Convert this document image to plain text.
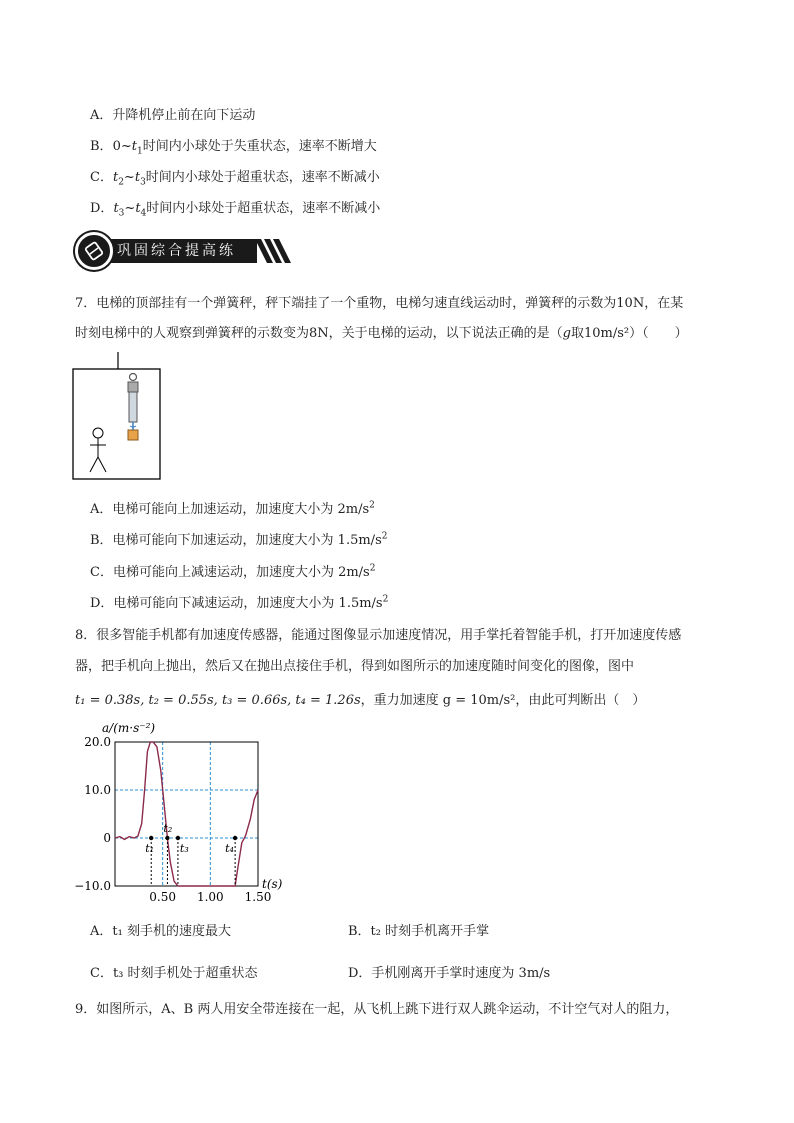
A．升降机停止前在向下运动
B．$0\sim t_1$时间内小球处于失重状态，速率不断增大
C．$t_2\sim t_3$时间内小球处于超重状态，速率不断减小
D．$t_3\sim t_4$时间内小球处于超重状态，速率不断减小
巩固综合提高练
7．电梯的顶部挂有一个弹簧秤，秤下端挂了一个重物，电梯匀速直线运动时，弹簧秤的示数为10N，在某
时刻电梯中的人观察到弹簧秤的示数变为8N，关于电梯的运动，以下说法正确的是（g取10m/s²）（　　）
A．电梯可能向上加速运动，加速度大小为 $2m/s^2$
B．电梯可能向下加速运动，加速度大小为 $1.5m/s^2$
C．电梯可能向上减速运动，加速度大小为 $2m/s^2$
D．电梯可能向下减速运动，加速度大小为 $1.5m/s^2$
8．很多智能手机都有加速度传感器，能通过图像显示加速度情况，用手掌托着智能手机，打开加速度传感
器，把手机向上抛出，然后又在抛出点接住手机，得到如图所示的加速度随时间变化的图像，图中
t₁ = 0.38s, t₂ = 0.55s, t₃ = 0.66s, t₄ = 1.26s，重力加速度 g = 10m/s²，由此可判断出（　）
20.0
10.0
0
−10.0
0.50 1.00 1.50
a/(m·s⁻²)
t(s)
t₁
t₂
t₃	t₄
A．t₁ 刻手机的速度最大	B．t₂ 时刻手机离开手掌
C．t₃ 时刻手机处于超重状态	D．手机刚离开手掌时速度为 3m/s
9．如图所示，A、B 两人用安全带连接在一起，从飞机上跳下进行双人跳伞运动，不计空气对人的阻力，
